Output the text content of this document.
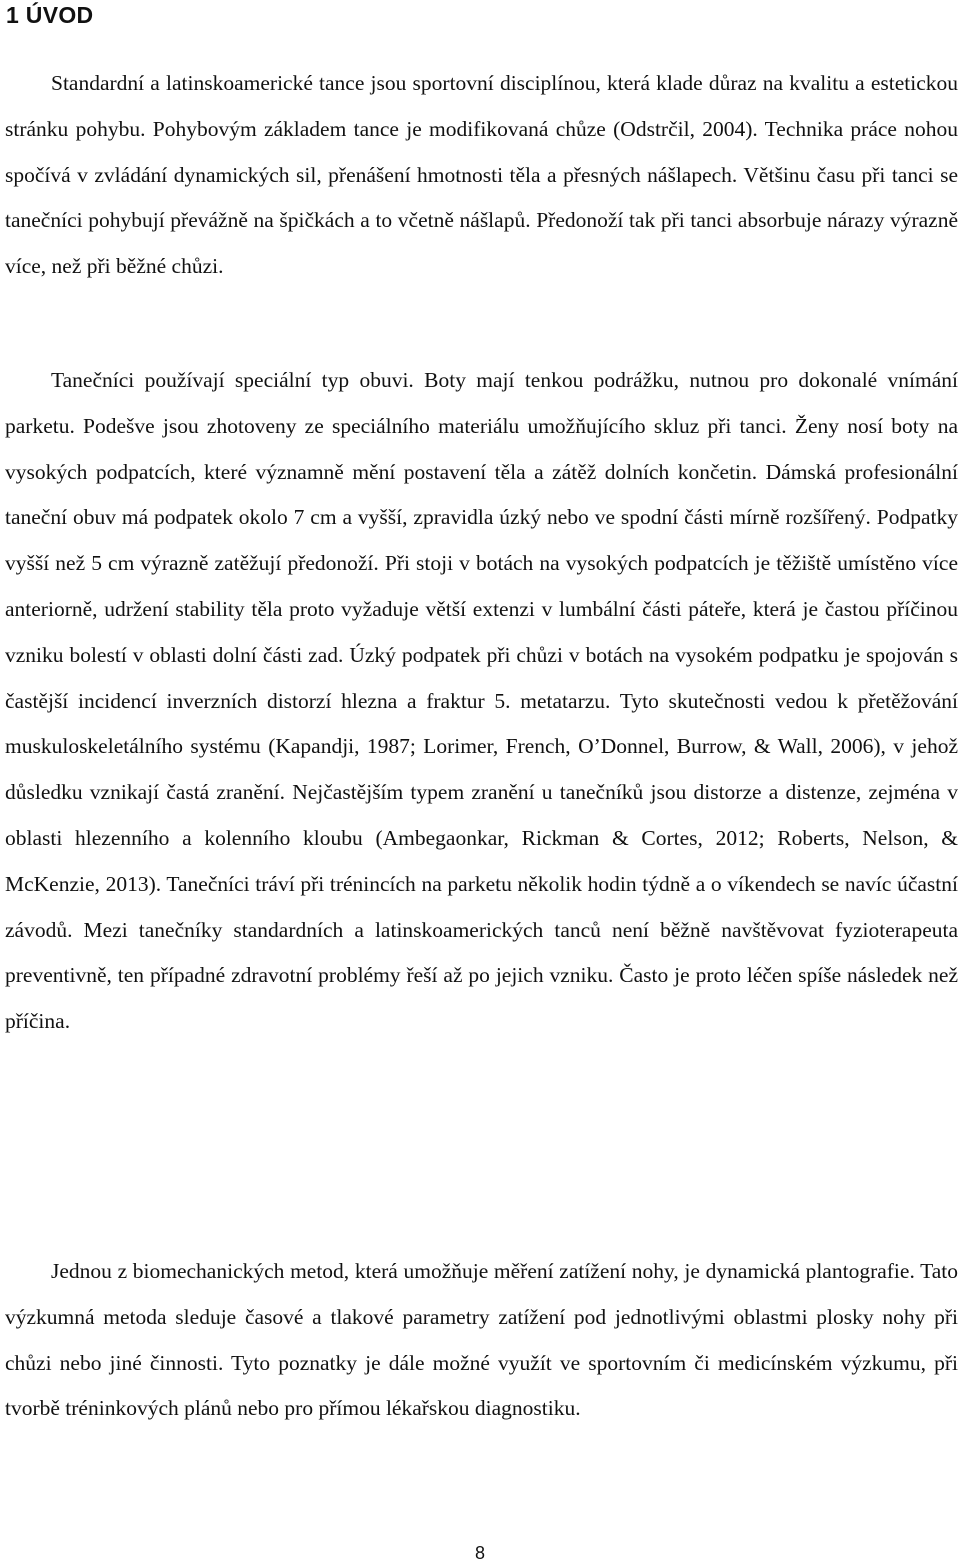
1 ÚVOD

Standardní a latinskoamerické tance jsou sportovní disciplínou, která klade důraz na kvalitu a estetickou stránku pohybu. Pohybovým základem tance je modifikovaná chůze (Odstrčil, 2004). Technika práce nohou spočívá v zvládání dynamických sil, přenášení hmotnosti těla a přesných nášlapech. Většinu času při tanci se tanečníci pohybují převážně na špičkách a to včetně nášlapů. Předonoží tak při tanci absorbuje nárazy výrazně více, než při běžné chůzi.

Tanečníci používají speciální typ obuvi. Boty mají tenkou podrážku, nutnou pro dokonalé vnímání parketu. Podešve jsou zhotoveny ze speciálního materiálu umožňujícího skluz při tanci. Ženy nosí boty na vysokých podpatcích, které významně mění postavení těla a zátěž dolních končetin. Dámská profesionální taneční obuv má podpatek okolo 7 cm a vyšší, zpravidla úzký nebo ve spodní části mírně rozšířený. Podpatky vyšší než 5 cm výrazně zatěžují předonoží. Při stoji v botách na vysokých podpatcích je těžiště umístěno více anteriorně, udržení stability těla proto vyžaduje větší extenzi v lumbální části páteře, která je častou příčinou vzniku bolestí v oblasti dolní části zad. Úzký podpatek při chůzi v botách na vysokém podpatku je spojován s častější incidencí inverzních distorzí hlezna a fraktur 5. metatarzu. Tyto skutečnosti vedou k přetěžování muskuloskeletálního systému (Kapandji, 1987; Lorimer, French, O’Donnel, Burrow, & Wall, 2006), v jehož důsledku vznikají častá zranění. Nejčastějším typem zranění u tanečníků jsou distorze a distenze, zejména v oblasti hlezenního a kolenního kloubu (Ambegaonkar, Rickman & Cortes, 2012; Roberts, Nelson, & McKenzie, 2013). Tanečníci tráví při trénincích na parketu několik hodin týdně a o víkendech se navíc účastní závodů. Mezi tanečníky standardních a latinskoamerických tanců není běžně navštěvovat fyzioterapeuta preventivně, ten případné zdravotní problémy řeší až po jejich vzniku. Často je proto léčen spíše následek než příčina.

Jednou z biomechanických metod, která umožňuje měření zatížení nohy, je dynamická plantografie. Tato výzkumná metoda sleduje časové a tlakové parametry zatížení pod jednotlivými oblastmi plosky nohy při chůzi nebo jiné činnosti. Tyto poznatky je dále možné využít ve sportovním či medicínském výzkumu, při tvorbě tréninkových plánů nebo pro přímou lékařskou diagnostiku.

8
